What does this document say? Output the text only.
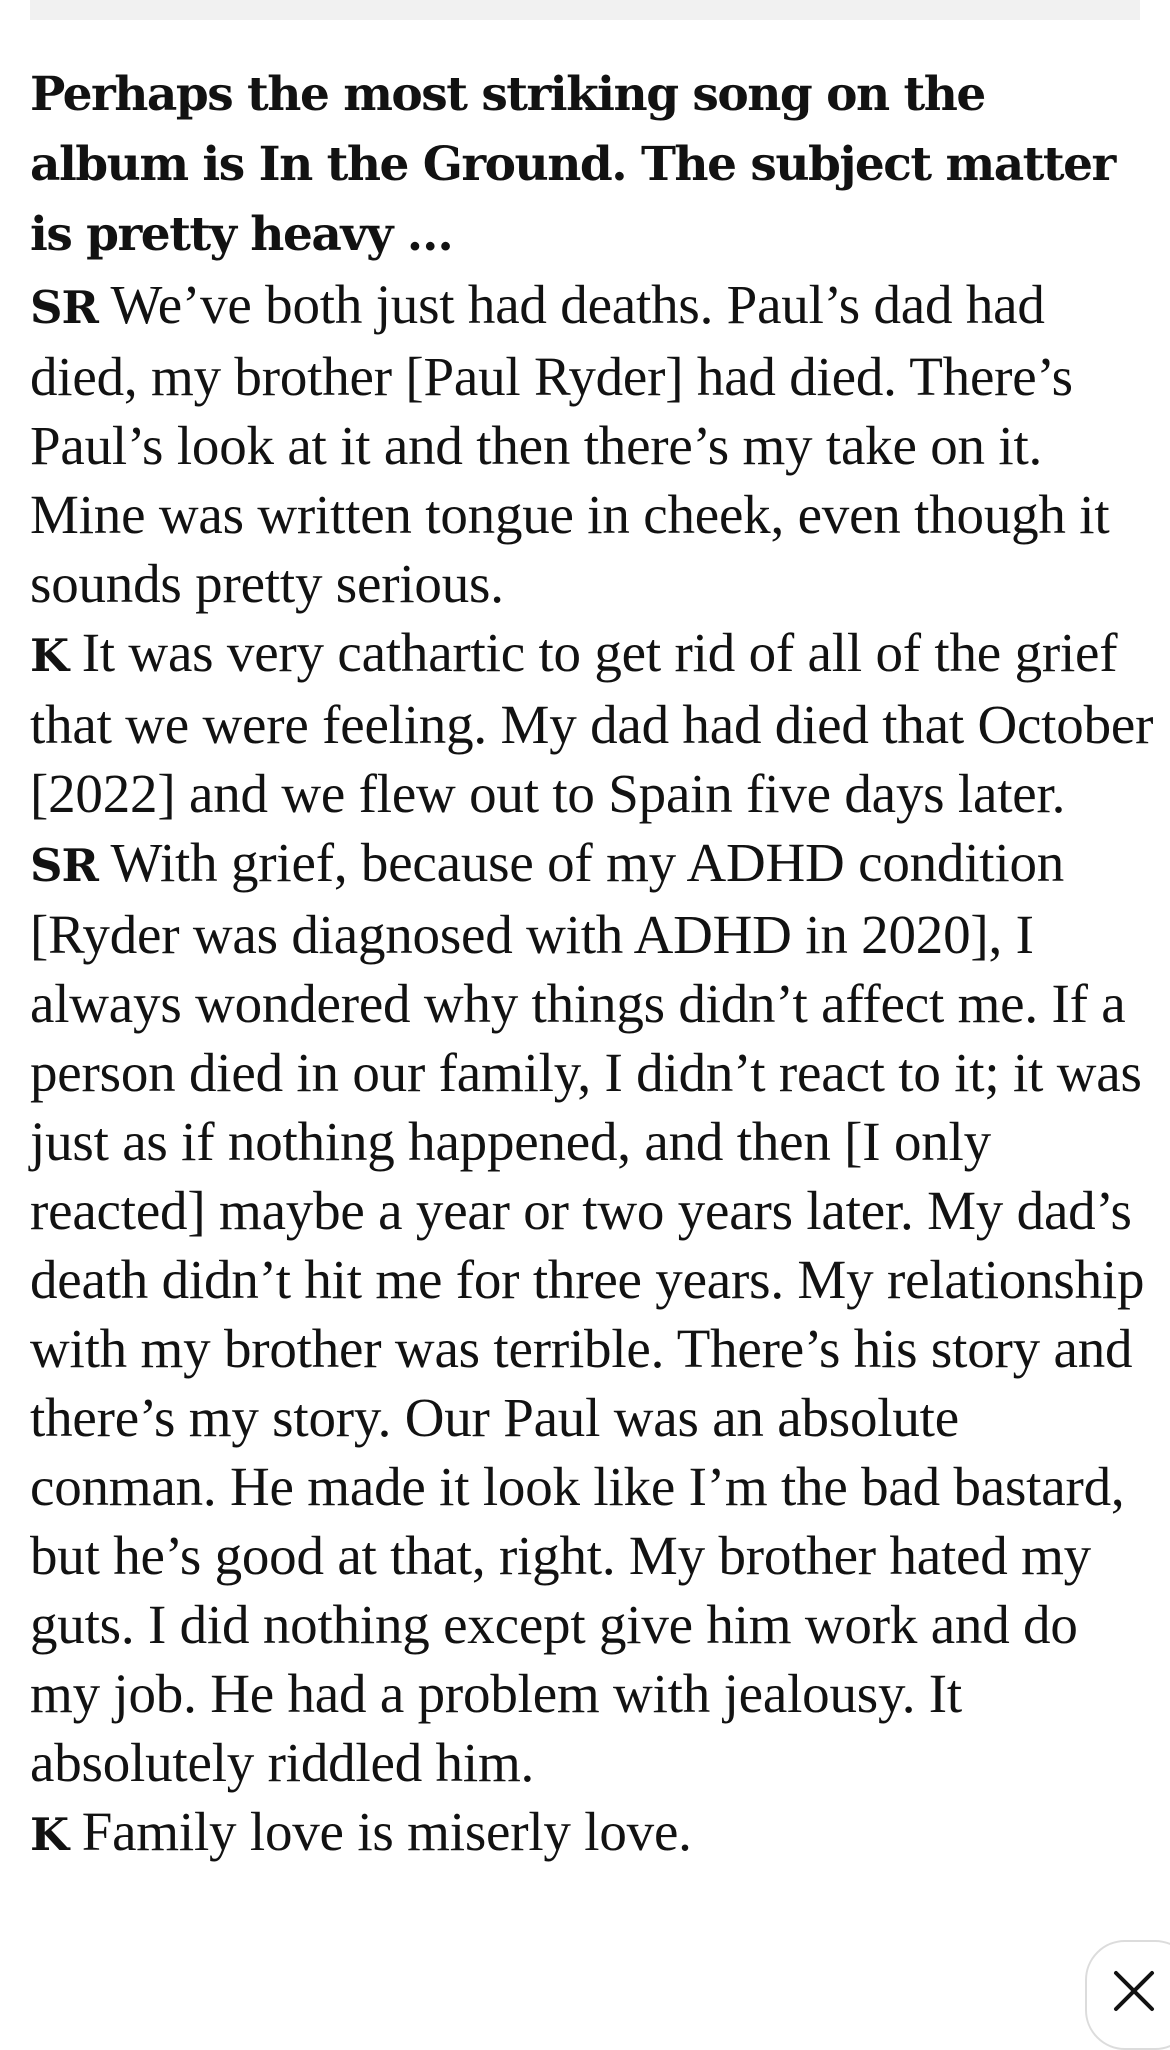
Perhaps the most striking song on the album is In the Ground. The subject matter is pretty heavy …

SR We’ve both just had deaths. Paul’s dad had died, my brother [Paul Ryder] had died. There’s Paul’s look at it and then there’s my take on it. Mine was written tongue in cheek, even though it sounds pretty serious.

K It was very cathartic to get rid of all of the grief that we were feeling. My dad had died that October [2022] and we flew out to Spain five days later.

SR With grief, because of my ADHD condition [Ryder was diagnosed with ADHD in 2020], I always wondered why things didn’t affect me. If a person died in our family, I didn’t react to it; it was just as if nothing happened, and then [I only reacted] maybe a year or two years later. My dad’s death didn’t hit me for three years. My relationship with my brother was terrible. There’s his story and there’s my story. Our Paul was an absolute conman. He made it look like I’m the bad bastard, but he’s good at that, right. My brother hated my guts. I did nothing except give him work and do my job. He had a problem with jealousy. It absolutely riddled him.

K Family love is miserly love.
